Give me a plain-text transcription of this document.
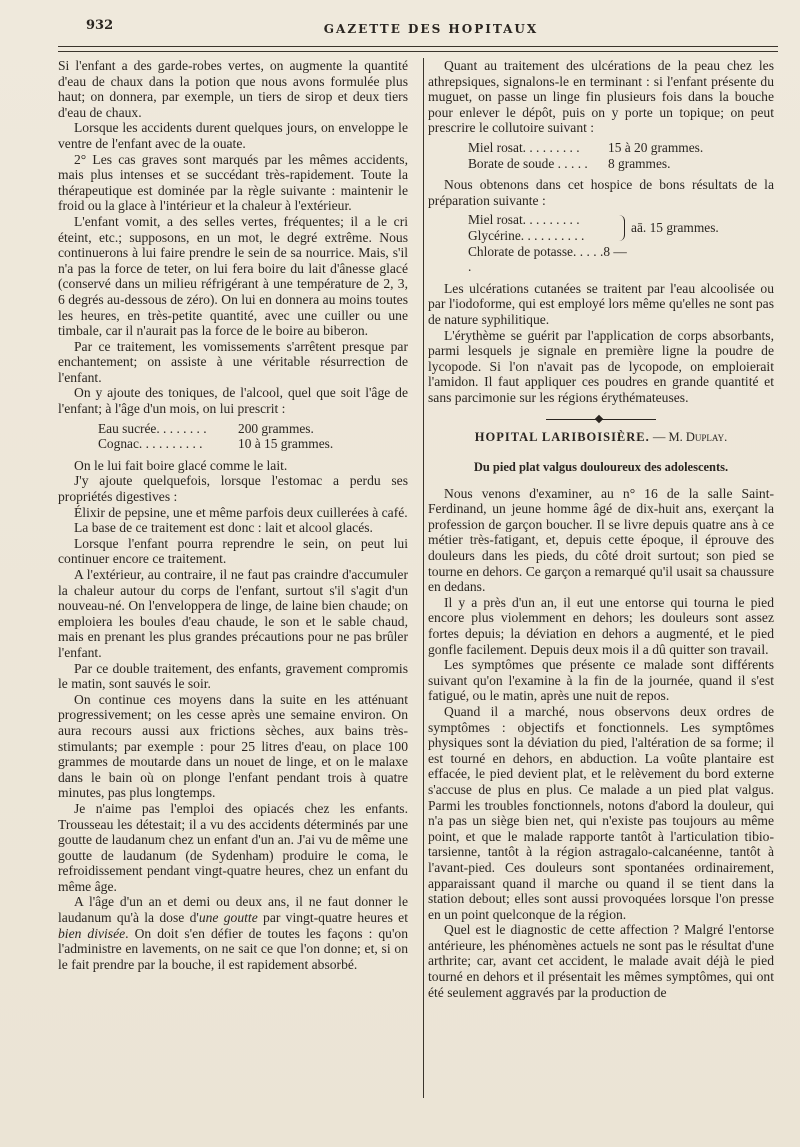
932	GAZETTE DES HOPITAUX

Si l'enfant a des garde-robes vertes, on augmente la quantité d'eau de chaux dans la potion que nous avons formulée plus haut; on donnera, par exemple, un tiers de sirop et deux tiers d'eau de chaux.

Lorsque les accidents durent quelques jours, on enveloppe le ventre de l'enfant avec de la ouate.

2° Les cas graves sont marqués par les mêmes accidents, mais plus intenses et se succédant très-rapidement. Toute la thérapeutique est dominée par la règle suivante : maintenir le froid ou la glace à l'intérieur et la chaleur à l'extérieur.

L'enfant vomit, a des selles vertes, fréquentes; il a le cri éteint, etc.; supposons, en un mot, le degré extrême. Nous continuerons à lui faire prendre le sein de sa nourrice. Mais, s'il n'a pas la force de teter, on lui fera boire du lait d'ânesse glacé (conservé dans un milieu réfrigérant à une température de 2, 3, 6 degrés au-dessous de zéro). On lui en donnera au moins toutes les heures, en très-petite quantité, avec une cuiller ou une timbale, car il n'aurait pas la force de le boire au biberon.

Par ce traitement, les vomissements s'arrêtent presque par enchantement; on assiste à une véritable résurrection de l'enfant.

On y ajoute des toniques, de l'alcool, quel que soit l'âge de l'enfant; à l'âge d'un mois, on lui prescrit :

Eau sucrée. . . . . . . . 200 grammes.
Cognac. . . . . . . . . .	10 à 15 grammes.

On le lui fait boire glacé comme le lait.

J'y ajoute quelquefois, lorsque l'estomac a perdu ses propriétés digestives :

Élixir de pepsine, une et même parfois deux cuillerées à café.

La base de ce traitement est donc : lait et alcool glacés.

Lorsque l'enfant pourra reprendre le sein, on peut lui continuer encore ce traitement.

A l'extérieur, au contraire, il ne faut pas craindre d'accumuler la chaleur autour du corps de l'enfant, surtout s'il s'agit d'un nouveau-né. On l'enveloppera de linge, de laine bien chaude; on emploiera les boules d'eau chaude, le son et le sable chaud, mais en prenant les plus grandes précautions pour ne pas brûler l'enfant.

Par ce double traitement, des enfants, gravement compromis le matin, sont sauvés le soir.

On continue ces moyens dans la suite en les atténuant progressivement; on les cesse après une semaine environ. On aura recours aussi aux frictions sèches, aux bains très-stimulants; par exemple : pour 25 litres d'eau, on place 100 grammes de moutarde dans un nouet de linge, et on le malaxe dans le bain où on plonge l'enfant pendant trois à quatre minutes, pas plus longtemps.

Je n'aime pas l'emploi des opiacés chez les enfants. Trousseau les détestait; il a vu des accidents déterminés par une goutte de laudanum chez un enfant d'un an. J'ai vu de même une goutte de laudanum (de Sydenham) produire le coma, le refroidissement pendant vingt-quatre heures, chez un enfant du même âge.

A l'âge d'un an et demi ou deux ans, il ne faut donner le laudanum qu'à la dose d'une goutte par vingt-quatre heures et bien divisée. On doit s'en défier de toutes les façons : qu'on l'administre en lavements, on ne sait ce que l'on donne; et, si on le fait prendre par la bouche, il est rapidement absorbé.

Quant au traitement des ulcérations de la peau chez les athrepsiques, signalons-le en terminant : si l'enfant présente du muguet, on passe un linge fin plusieurs fois dans la bouche pour enlever le dépôt, puis on y porte un topique; on peut prescrire le collutoire suivant :

Miel rosat. . . . . . . . . 15 à 20 grammes.
Borate de soude . . . . . 8 grammes.

Nous obtenons dans cet hospice de bons résultats de la préparation suivante :

Miel rosat. . . . . . . . .
Glycérine. . . . . . . . . .
aā. 15 grammes.
Chlorate de potasse. . . . . .
8 —

Les ulcérations cutanées se traitent par l'eau alcoolisée ou par l'iodoforme, qui est employé lors même qu'elles ne sont pas de nature syphilitique.

L'érythème se guérit par l'application de corps absorbants, parmi lesquels je signale en première ligne la poudre de lycopode. Si l'on n'avait pas de lycopode, on emploierait l'amidon. Il faut appliquer ces poudres en grande quantité et sans parcimonie sur les régions érythémateuses.

HOPITAL LARIBOISIÈRE. — M. Duplay.
Du pied plat valgus douloureux des adolescents.

Nous venons d'examiner, au n° 16 de la salle Saint-Ferdinand, un jeune homme âgé de dix-huit ans, exerçant la profession de garçon boucher. Il se livre depuis quatre ans à ce métier très-fatigant, et, depuis cette époque, il éprouve des douleurs dans les pieds, du côté droit surtout; son pied se tourne en dehors. Ce garçon a remarqué qu'il usait sa chaussure en dedans.

Il y a près d'un an, il eut une entorse qui tourna le pied encore plus violemment en dehors; les douleurs sont assez fortes depuis; la déviation en dehors a augmenté, et le pied gonfle facilement. Depuis deux mois il a dû quitter son travail.

Les symptômes que présente ce malade sont différents suivant qu'on l'examine à la fin de la journée, quand il s'est fatigué, ou le matin, après une nuit de repos.

Quand il a marché, nous observons deux ordres de symptômes : objectifs et fonctionnels. Les symptômes physiques sont la déviation du pied, l'altération de sa forme; il est tourné en dehors, en abduction. La voûte plantaire est effacée, le pied devient plat, et le relèvement du bord externe s'accuse de plus en plus. Ce malade a un pied plat valgus. Parmi les troubles fonctionnels, notons d'abord la douleur, qui n'a pas un siège bien net, qui n'existe pas toujours au même point, et que le malade rapporte tantôt à l'articulation tibio-tarsienne, tantôt à la région astragalo-calcanéenne, tantôt à l'avant-pied. Ces douleurs sont spontanées ordinairement, apparaissant quand il marche ou quand il se tient dans la station debout; elles sont aussi provoquées lorsque l'on presse en un point quelconque de la région.

Quel est le diagnostic de cette affection ? Malgré l'entorse antérieure, les phénomènes actuels ne sont pas le résultat d'une arthrite; car, avant cet accident, le malade avait déjà le pied tourné en dehors et il présentait les mêmes symptômes, qui ont été seulement aggravés par la production de
